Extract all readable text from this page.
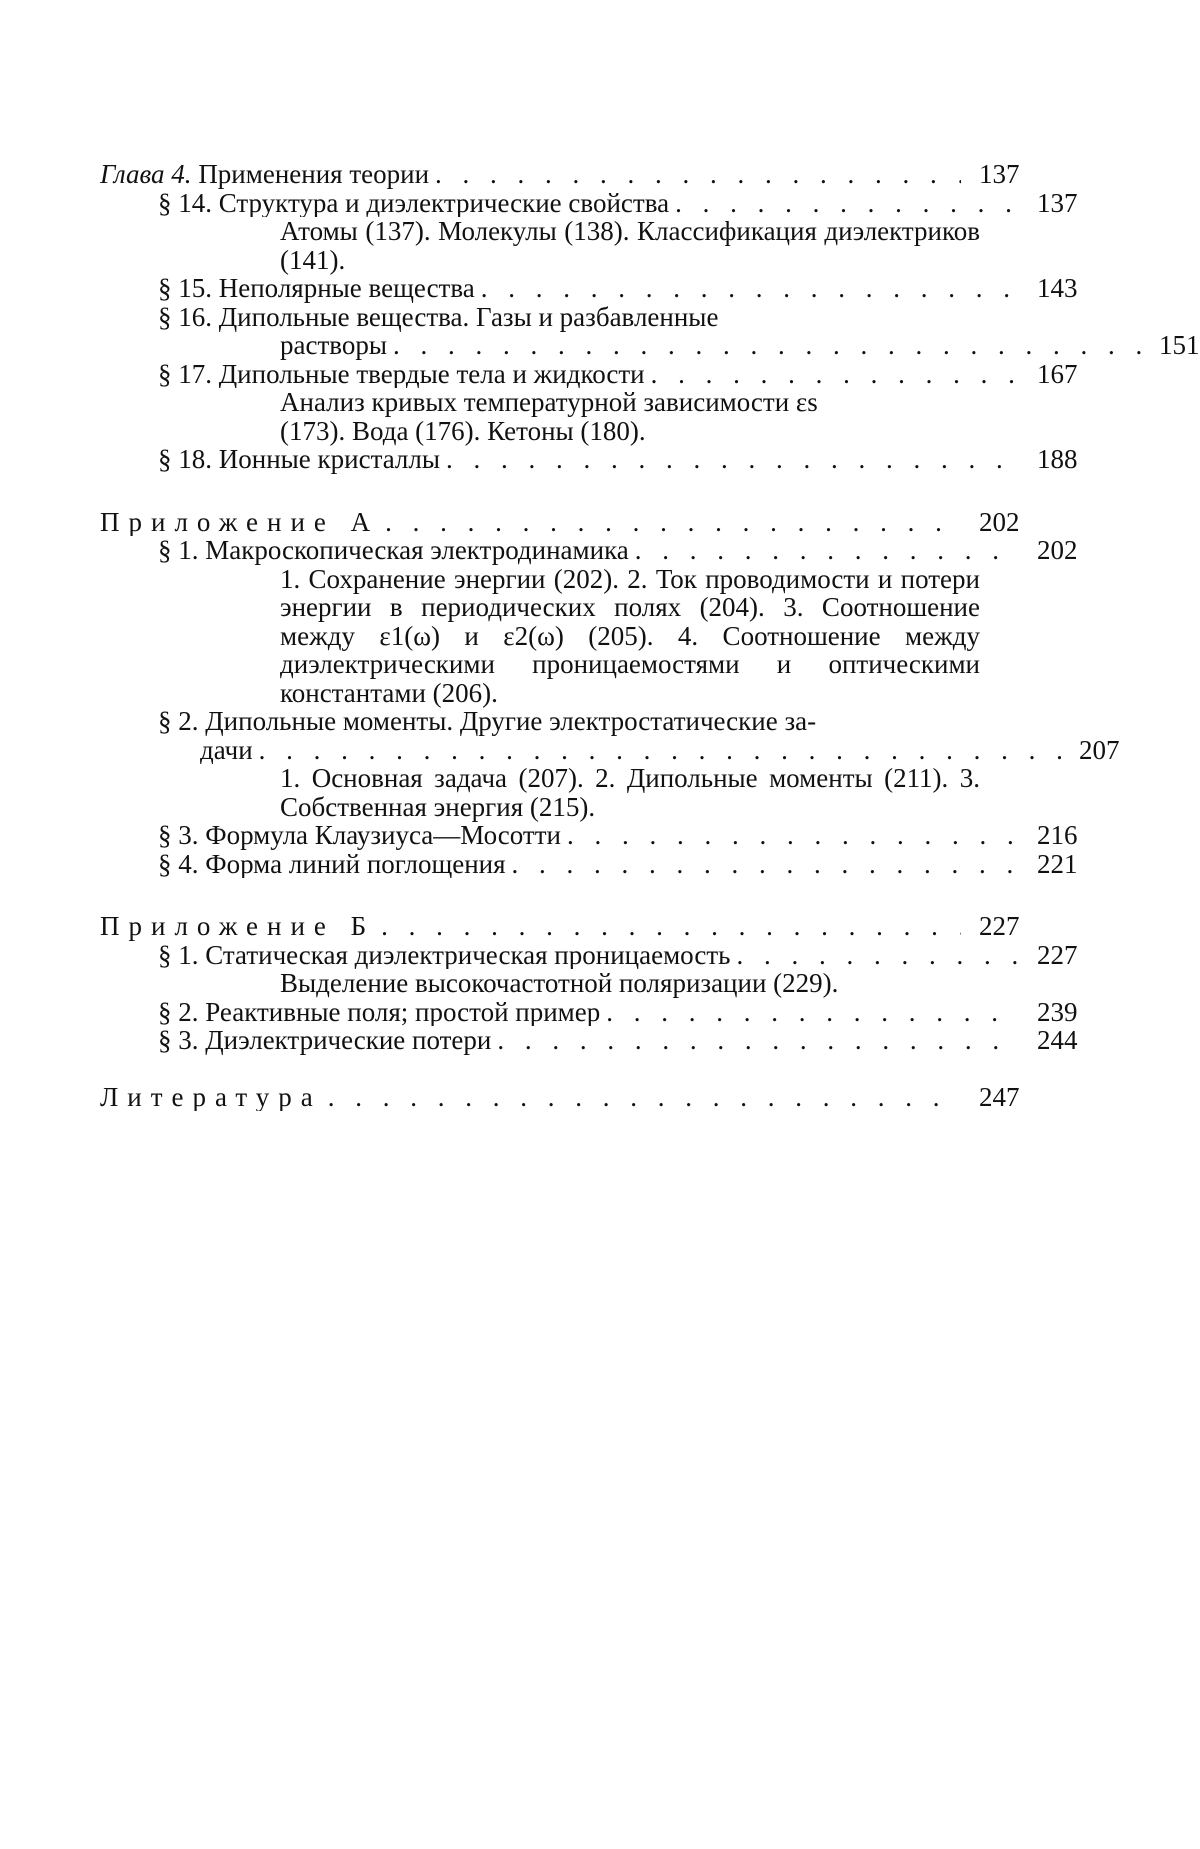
Глава 4. Применения теории . . .	137
§ 14. Структура и диэлектрические свойства . . .	137
Атомы (137). Молекулы (138). Классификация диэлектриков (141).
§ 15. Неполярные вещества . . .	143
§ 16. Дипольные вещества. Газы и разбавленные
растворы . . .	151
§ 17. Дипольные твердые тела и жидкости . . .	167
Анализ кривых температурной зависимости εs
(173). Вода (176). Кетоны (180).
§ 18. Ионные кристаллы . . .	188
Приложение А . . .	202
§ 1. Макроскопическая электродинамика . . .	202
1. Сохранение энергии (202). 2. Ток проводимости и потери энергии в периодических полях (204). 3. Соотношение между ε1(ω) и ε2(ω) (205). 4. Соотношение между диэлектрическими проницаемостями и оптическими константами (206).
§ 2. Дипольные моменты. Другие электростатические за-
дачи . . .	207
1. Основная задача (207). 2. Дипольные моменты (211). 3. Собственная энергия (215).
§ 3. Формула Клаузиуса—Мосотти . . .	216
§ 4. Форма линий поглощения . . .	221
Приложение Б . . .	227
§ 1. Статическая диэлектрическая проницаемость . . .	227
Выделение высокочастотной поляризации (229).
§ 2. Реактивные поля; простой пример . . .	239
§ 3. Диэлектрические потери . . .	244
Литература . . .	247
